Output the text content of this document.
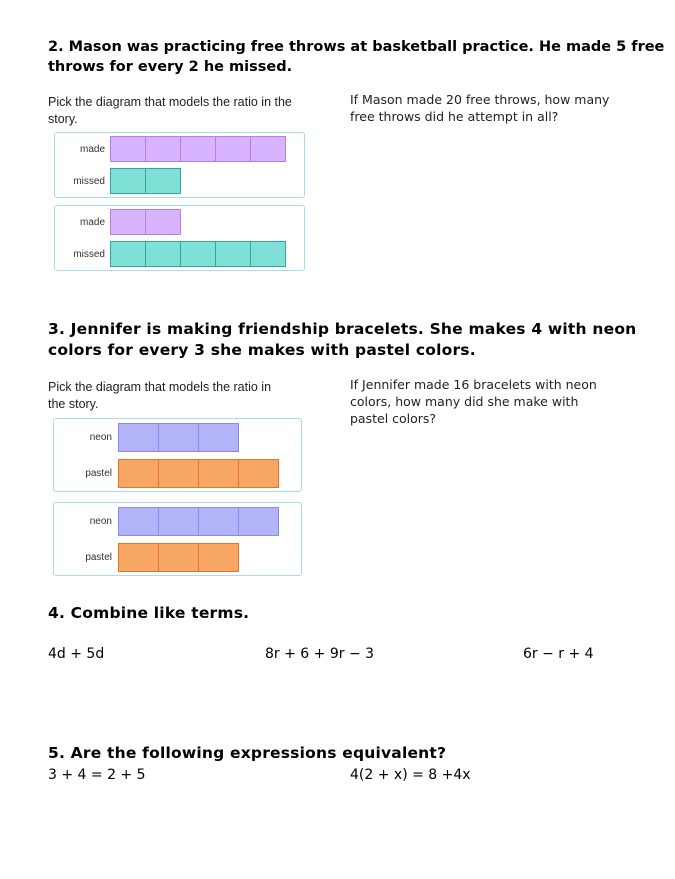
2. Mason was practicing free throws at basketball practice. He made 5 free
throws for every 2 he missed.
Pick the diagram that models the ratio in the
story.
If Mason made 20 free throws, how many
free throws did he attempt in all?
made
missed
made
missed
3. Jennifer is making friendship bracelets. She makes 4 with neon
colors for every 3 she makes with pastel colors.
Pick the diagram that models the ratio in
the story.
If Jennifer made 16 bracelets with neon
colors, how many did she make with
pastel colors?
neon
pastel
neon
pastel
4. Combine like terms.
4d + 5d	8r + 6 + 9r − 3	6r − r + 4
5. Are the following expressions equivalent?
3 + 4 = 2 + 5	4(2 + x) = 8 +4x
